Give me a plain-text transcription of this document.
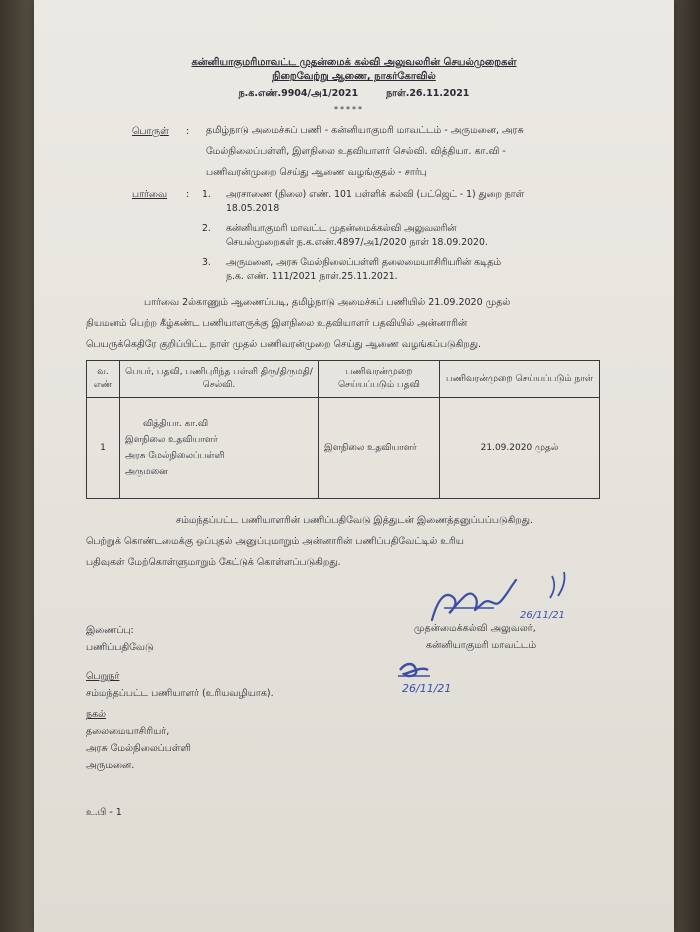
கன்னியாகுமரிமாவட்ட முதன்மைக் கல்வி அலுவலரின் செயல்முறைகள்
நிறைவேற்று ஆணை, நாகர்கோவில்
ந.க.எண்.9904/அ1/2021	நாள்.26.11.2021
*****
பொருள் : தமிழ்நாடு அமைச்சுப் பணி - கன்னியாகுமரி மாவட்டம் - அருமனை, அரசு
மேல்நிலைப்பள்ளி, இளநிலை உதவியாளர் செல்வி. வித்தியா. கா.வி -
பணிவரன்முறை செய்து ஆணை வழங்குதல் - சார்பு
பார்வை : 1.	அரசாணை (நிலை) எண். 101 பள்ளிக் கல்வி (பட்ஜெட் - 1) துறை நாள்
18.05.2018
2.	கன்னியாகுமரி மாவட்ட முதன்மைக்கல்வி அலுவலரின்
செயல்முறைகள் ந.க.எண்.4897/அ1/2020 நாள் 18.09.2020.
3.	அருமனை, அரசு மேல்நிலைப்பள்ளி தலைமையாசிரியரின் கடிதம்
ந.க. எண். 111/2021 நாள்.25.11.2021.
பார்வை 2ல்காணும் ஆணைப்படி, தமிழ்நாடு அமைச்சுப் பணியில் 21.09.2020 முதல்
நியமனம் பெற்ற கீழ்கண்ட பணியாளருக்கு இளநிலை உதவியாளர் பதவியில் அன்னாரின்
பெயருக்கெதிரே குறிப்பிட்ட நாள் முதல் பணிவரன்முறை செய்து ஆணை வழங்கப்படுகிறது.
வ. எண்	பெயர், பதவி, பணிபுரிந்த பள்ளி திரு/திருமதி/செல்வி.	பணிவரன்முறை செய்யப்படும் பதவி	பணிவரன்முறை செய்யப்படும் நாள்
1	வித்தியா. கா.வி
இளநிலை உதவியாளர்
அரசு மேல்நிலைப்பள்ளி
அருமனை	இளநிலை உதவியாளர்	21.09.2020 முதல்
சம்மந்தப்பட்ட பணியாளரின் பணிப்பதிவேடு இத்துடன் இணைத்தனுப்பப்படுகிறது.
பெற்றுக் கொண்டமைக்கு ஒப்புதல் அனுப்புமாறும் அன்னாரின் பணிப்பதிவேட்டில் உரிய
பதிவுகள் மேற்கொள்ளுமாறும் கேட்டுக் கொள்ளப்படுகிறது.
26/11/21
முதன்மைக்கல்வி அலுவலர்,
கன்னியாகுமரி மாவட்டம்
26/11/21
இணைப்பு:
பணிப்பதிவேடு
பெறுநர்
சம்மந்தப்பட்ட பணியாளர் (உரியவழியாக).
நகல்
தலைமையாசிரியர்,
அரசு மேல்நிலைப்பள்ளி
அருமனை.
உ.பி - 1
